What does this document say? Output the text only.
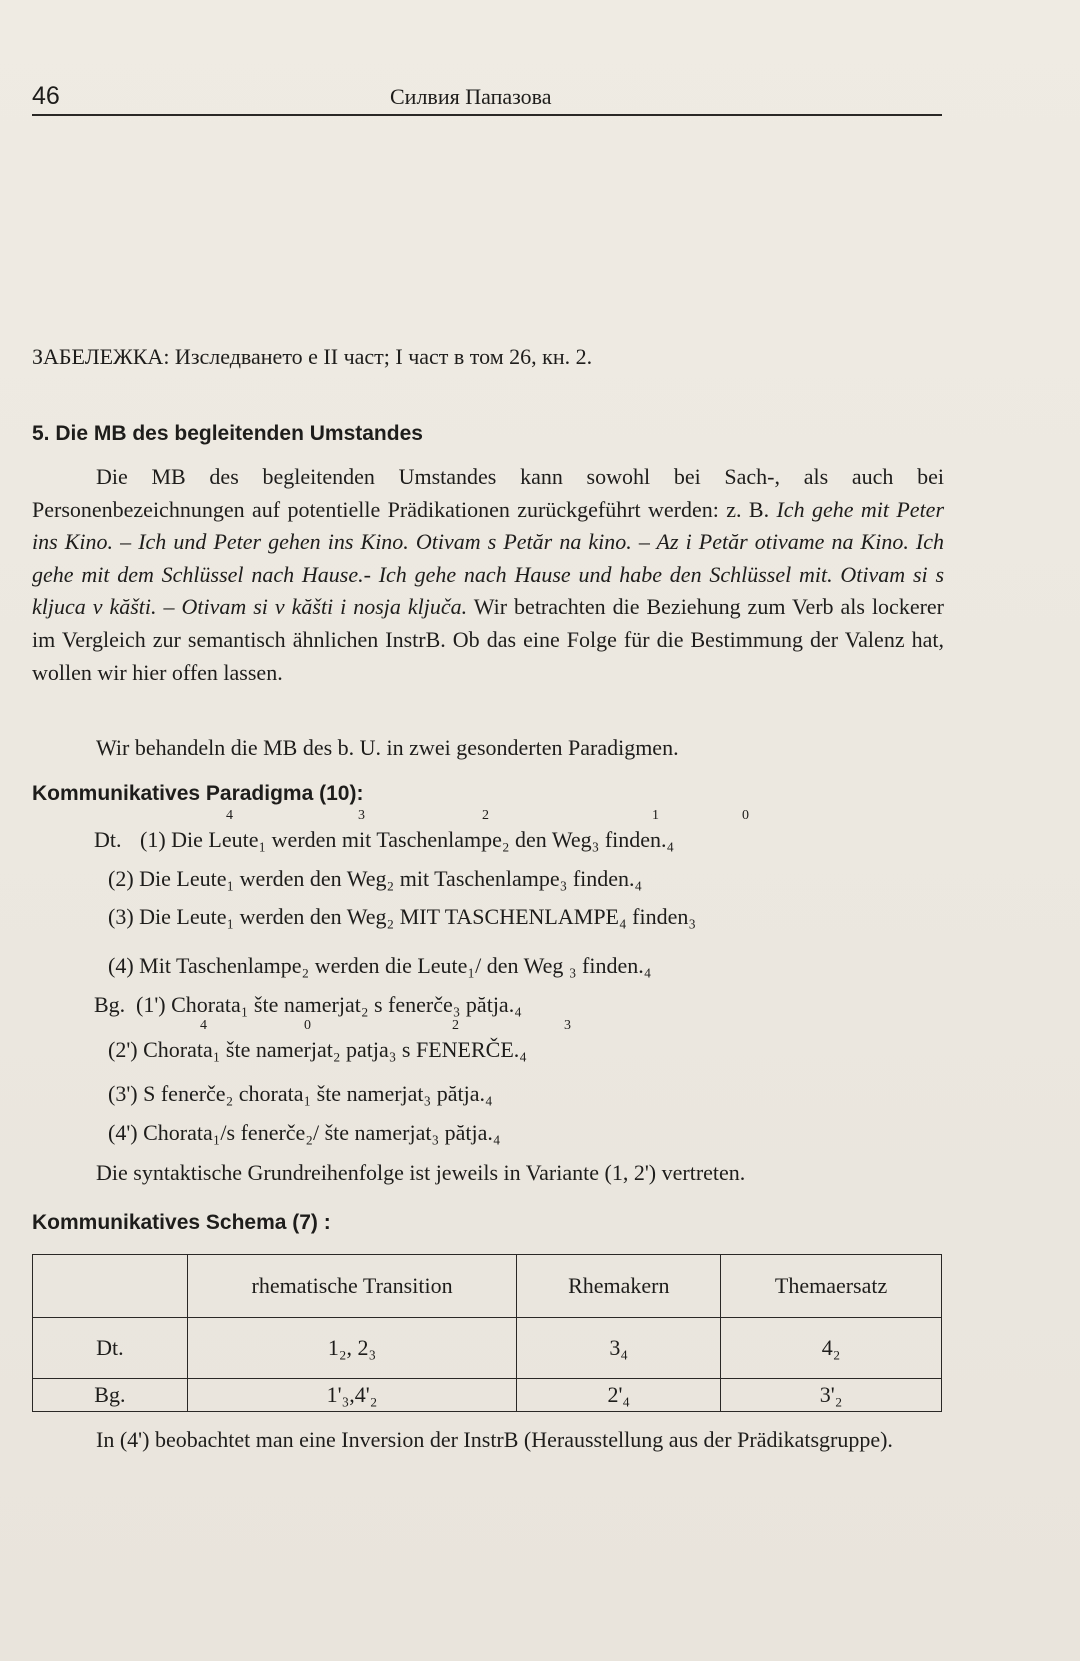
46	Силвия Папазова
ЗАБЕЛЕЖКА: Изследването е II част; I част в том 26, кн. 2.
5. Die MB des begleitenden Umstandes
Die MB des begleitenden Umstandes kann sowohl bei Sach-, als auch bei Personenbezeichnungen auf potentielle Prädikationen zurückgeführt werden: z. B. Ich gehe mit Peter ins Kino. – Ich und Peter gehen ins Kino. Otivam s Petăr na kino. – Az i Petăr otivame na Kino. Ich gehe mit dem Schlüssel nach Hause.- Ich gehe nach Hause und habe den Schlüssel mit. Otivam si s kljuca v kăšti. – Otivam si v kăšti i nosja ključa. Wir betrachten die Beziehung zum Verb als lockerer im Vergleich zur semantisch ähnlichen InstrB. Ob das eine Folge für die Bestimmung der Valenz hat, wollen wir hier offen lassen.
Wir behandeln die MB des b. U. in zwei gesonderten Paradigmen.
Kommunikatives Paradigma (10):
4	3	2	1	0
Dt. (1) Die Leute₁ werden mit Taschenlampe₂ den Weg₃ finden.₄
(2) Die Leute₁ werden den Weg₂ mit Taschenlampe₃ finden.₄
(3) Die Leute₁ werden den Weg₂ MIT TASCHENLAMPE₄ finden₃
(4) Mit Taschenlampe₂ werden die Leute₁/ den Weg ₃ finden.₄
Bg. (1') Chorata₁ šte namerjat₂ s fenerče₃ pătja.₄
4	0	2	3
(2') Chorata₁ šte namerjat₂ patja₃ s FENERČE.₄
(3') S fenerče₂ chorata₁ šte namerjat₃ pătja.₄
(4') Chorata₁/s fenerče₂/ šte namerjat₃ pătja.₄
Die syntaktische Grundreihenfolge ist jeweils in Variante (1, 2') vertreten.
Kommunikatives Schema (7) :
	rhematische Transition	Rhemakern	Themaersatz
Dt.	1₂, 2₃	3₄	4₂
Bg.	1'₃,4'₂	2'₄	3'₂
In (4') beobachtet man eine Inversion der InstrB (Herausstellung aus der Prädikatsgruppe).
